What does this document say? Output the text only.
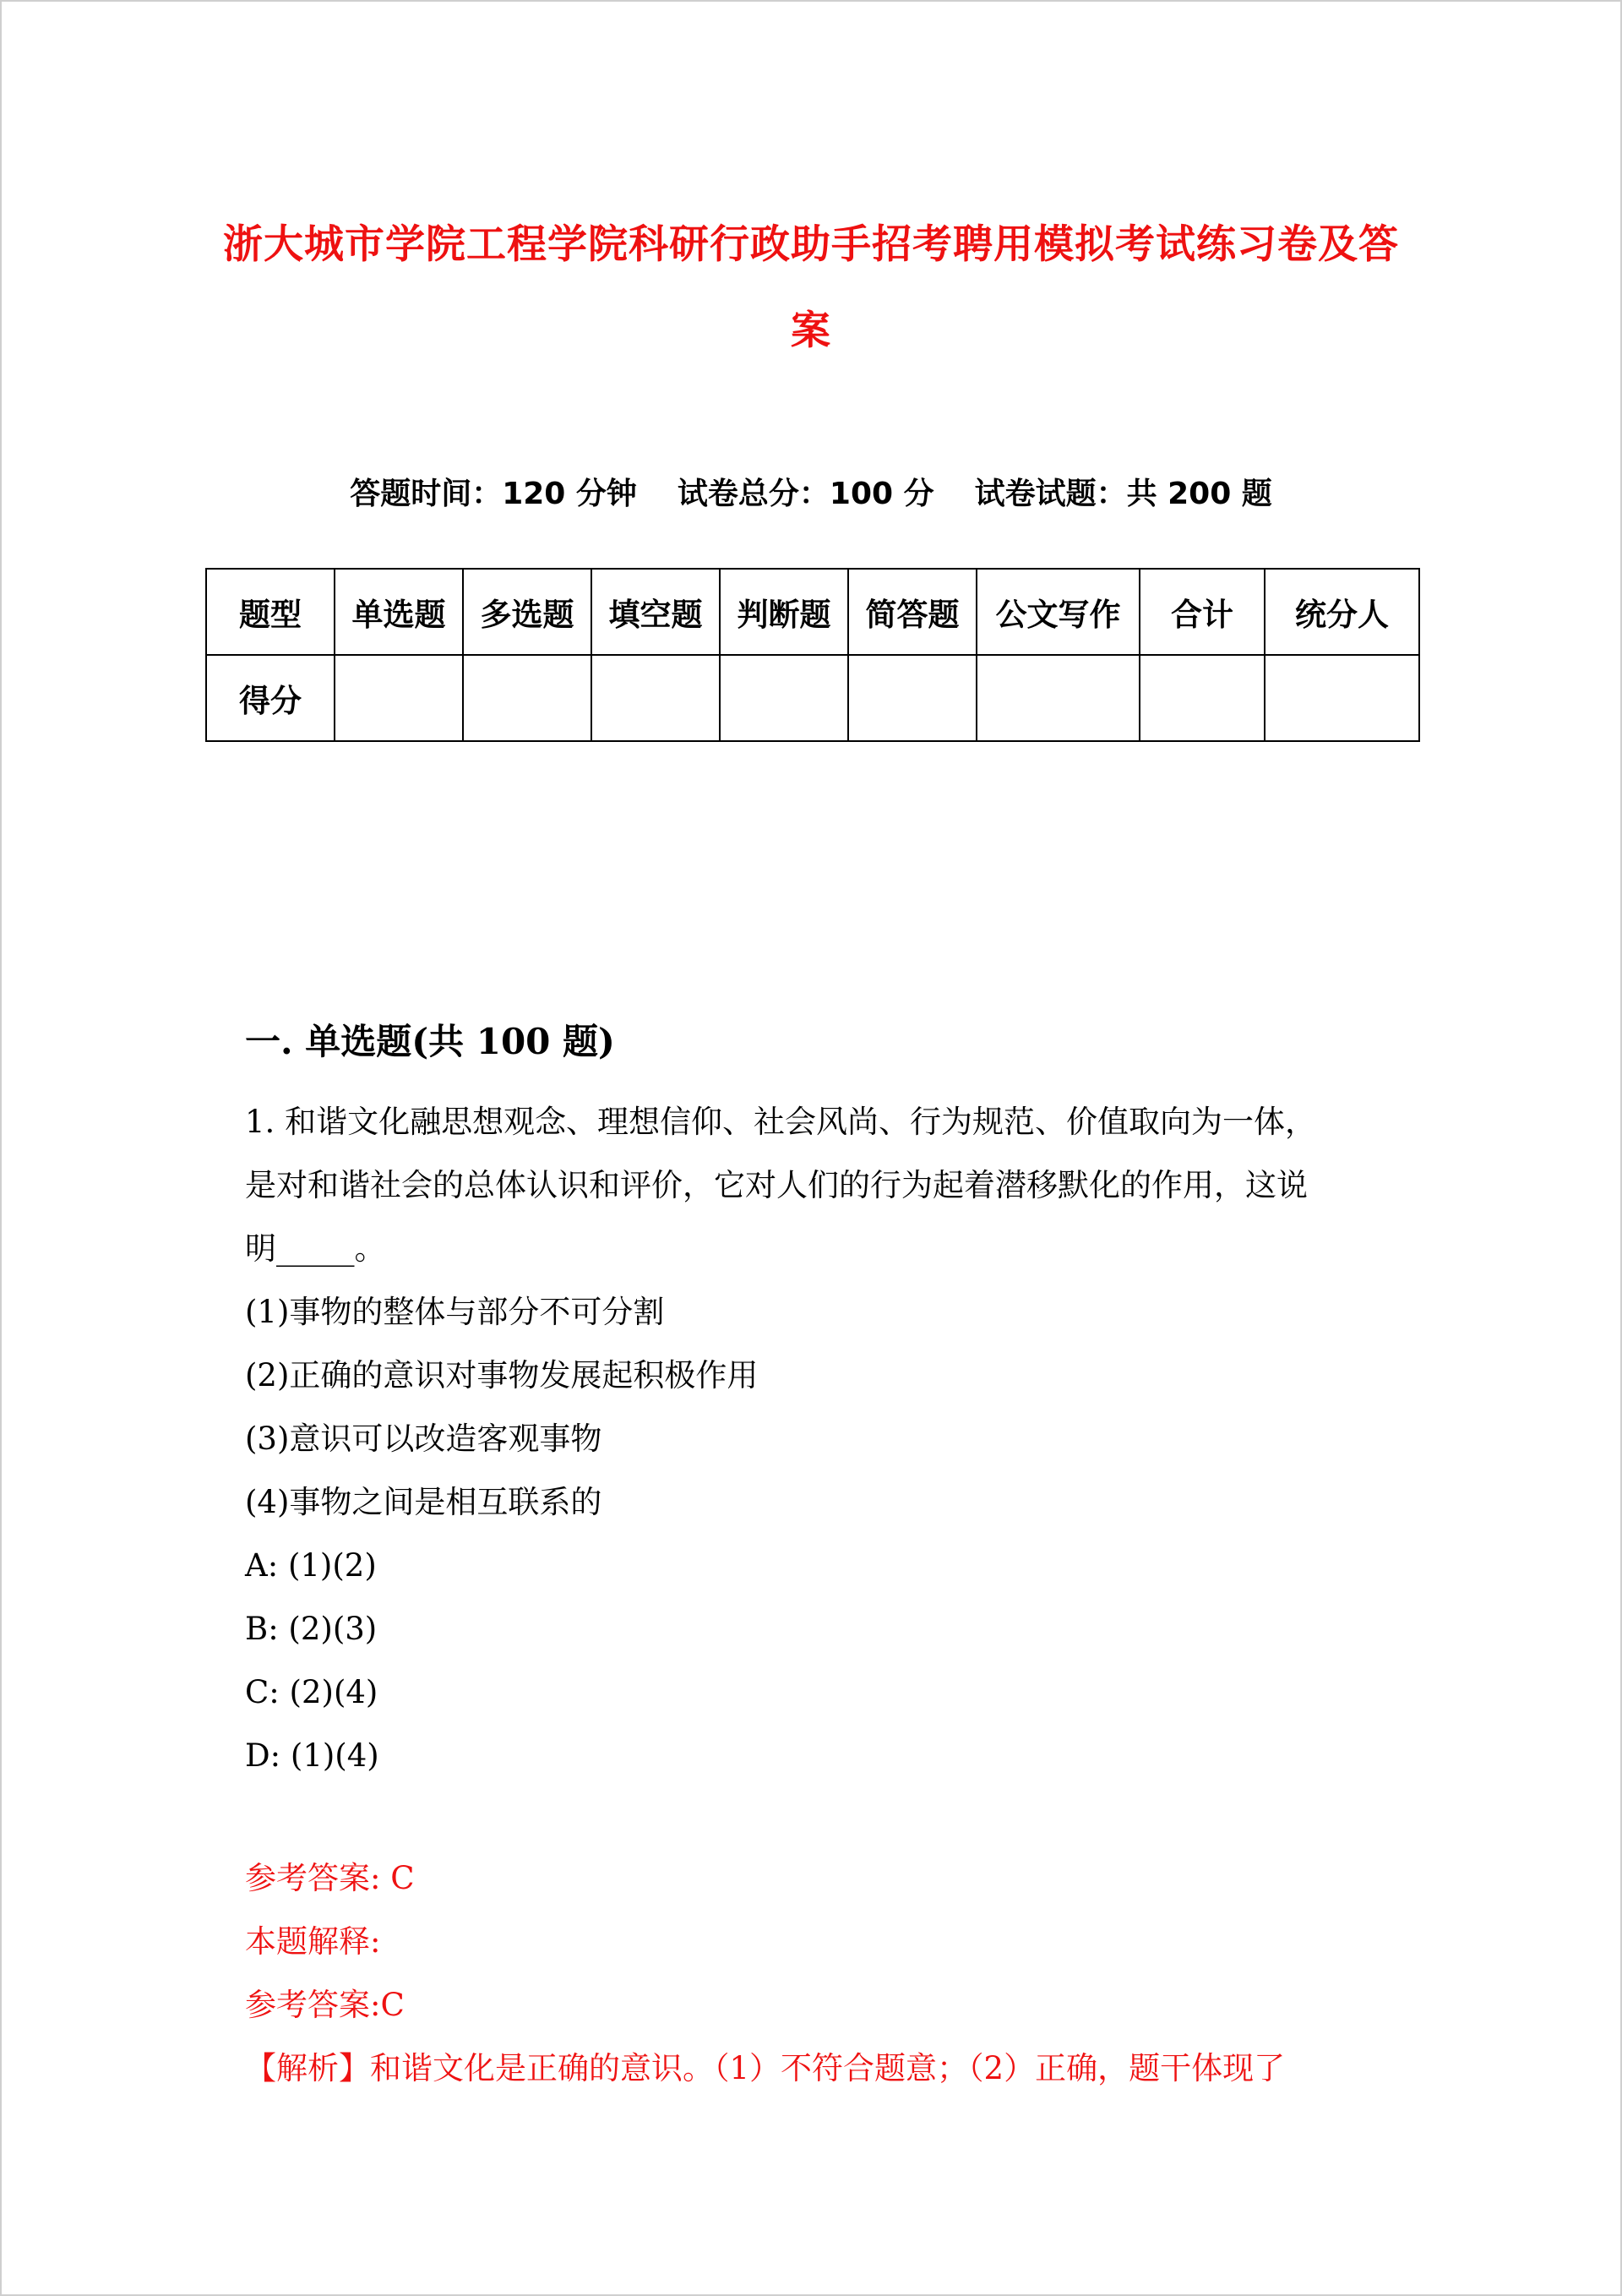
浙大城市学院工程学院科研行政助手招考聘用模拟考试练习卷及答
案
答题时间：120 分钟 试卷总分：100 分 试卷试题：共 200 题
题型	单选题	多选题	填空题	判断题	简答题	公文写作	合计	统分人
得分								
一. 单选题(共 100 题)
1. 和谐文化融思想观念、理想信仰、社会风尚、行为规范、价值取向为一体，
是对和谐社会的总体认识和评价，它对人们的行为起着潜移默化的作用，这说
明_____。
(1)事物的整体与部分不可分割
(2)正确的意识对事物发展起积极作用
(3)意识可以改造客观事物
(4)事物之间是相互联系的
A: (1)(2)
B: (2)(3)
C: (2)(4)
D: (1)(4)
参考答案: C
本题解释:
参考答案:C
【解析】和谐文化是正确的意识。（1）不符合题意；（2）正确，题干体现了
